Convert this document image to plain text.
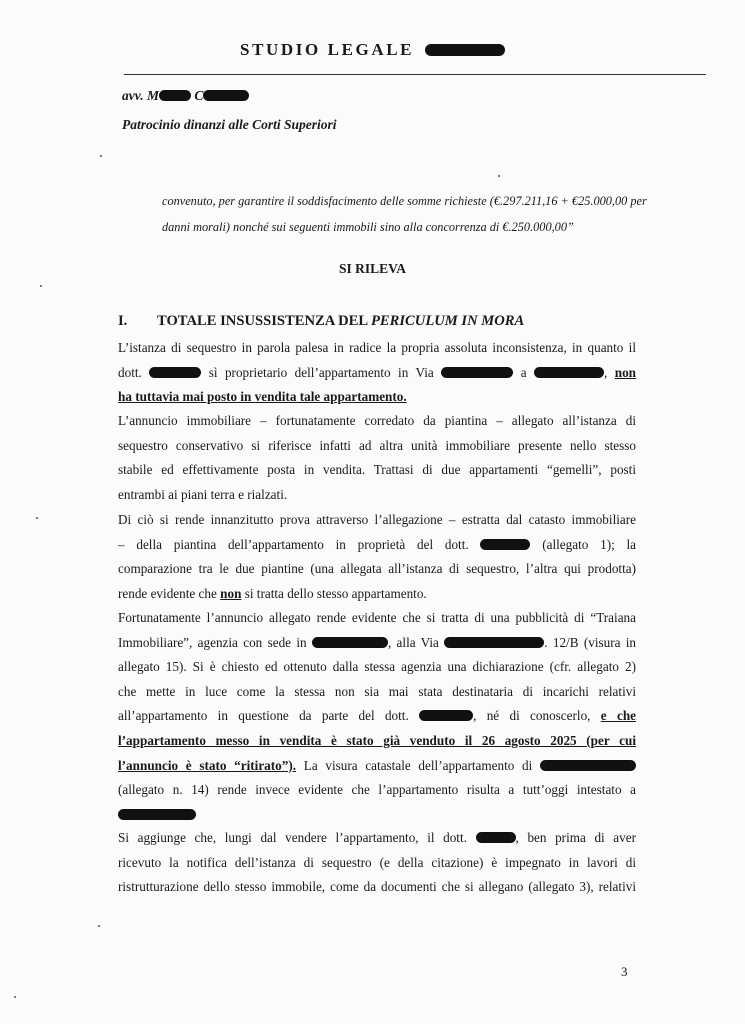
STUDIO LEGALE
avv. M	C
Patrocinio dinanzi alle Corti Superiori
convenuto, per garantire il soddisfacimento delle somme richieste (€.297.211,16 + €25.000,00 per
danni morali) nonché sui seguenti immobili sino alla concorrenza di €.250.000,00”
SI RILEVA
I. TOTALE INSUSSISTENZA DEL PERICULUM IN MORA
L’istanza di sequestro in parola palesa in radice la propria assoluta inconsistenza, in quanto il
dott.	sì proprietario dell’appartamento in Via	a	, non
ha tuttavia mai posto in vendita tale appartamento.
L’annuncio immobiliare – fortunatamente corredato da piantina – allegato all’istanza di
sequestro conservativo si riferisce infatti ad altra unità immobiliare presente nello stesso
stabile ed effettivamente posta in vendita. Trattasi di due appartamenti “gemelli”, posti
entrambi ai piani terra e rialzati.
Di ciò si rende innanzitutto prova attraverso l’allegazione – estratta dal catasto immobiliare
– della piantina dell’appartamento in proprietà del dott.	(allegato 1); la
comparazione tra le due piantine (una allegata all’istanza di sequestro, l’altra qui prodotta)
rende evidente che non si tratta dello stesso appartamento.
Fortunatamente l’annuncio allegato rende evidente che si tratta di una pubblicità di “Traiana
Immobiliare”, agenzia con sede in	, alla Via	. 12/B (visura in
allegato 15). Si è chiesto ed ottenuto dalla stessa agenzia una dichiarazione (cfr. allegato 2)
che mette in luce come la stessa non sia mai stata destinataria di incarichi relativi
all’appartamento in questione da parte del dott.	, né di conoscerlo, e che
l’appartamento messo in vendita è stato già venduto il 26 agosto 2025 (per cui
l’annuncio è stato “ritirato”). La visura catastale dell’appartamento di
(allegato n. 14) rende invece evidente che l’appartamento risulta a tutt’oggi intestato a
Si aggiunge che, lungi dal vendere l’appartamento, il dott.	, ben prima di aver
ricevuto la notifica dell’istanza di sequestro (e della citazione) è impegnato in lavori di
ristrutturazione dello stesso immobile, come da documenti che si allegano (allegato 3), relativi
3
